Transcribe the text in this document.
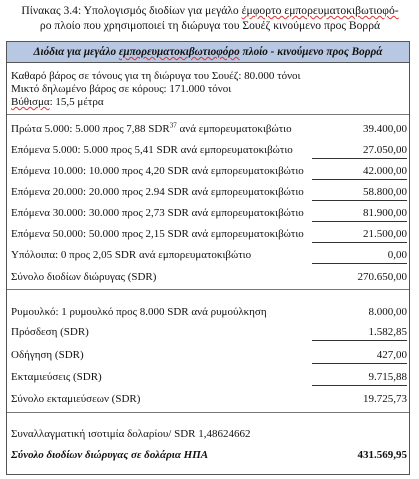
Πίνακας 3.4: Υπολογισμός διοδίων για μεγάλο έμφορτο εμπορευματοκιβωτιοφό-
ρο πλοίο που χρησιμοποιεί τη διώρυγα του Σουέζ κινούμενο προς Βορρά
Διόδια για μεγάλο εμπορευματοκιβωτιοφόρο πλοίο - κινούμενο προς Βορρά
Καθαρό βάρος σε τόνους για τη διώρυγα του Σουέζ: 80.000 τόνοι
Μικτό δηλωμένο βάρος σε κόρους: 171.000 τόνοι
Βύθισμα: 15,5 μέτρα
Πρώτα 5.000: 5.000 προς 7,88 SDR$^{37}$ ανά εμπορευματοκιβώτιο	39.400,00
Επόμενα 5.000: 5.000 προς 5,41 SDR ανά εμπορευματοκιβώτιο	27.050,00
Επόμενα 10.000: 10.000 προς 4,20 SDR ανά εμπορευματοκιβώτιο	42.000,00
Επόμενα 20.000: 20.000 προς 2.94 SDR ανά εμπορευματοκιβώτιο	58.800,00
Επόμενα 30.000: 30.000 προς 2,73 SDR ανά εμπορευματοκιβώτιο	81.900,00
Επόμενα 50.000: 50.000 προς 2,15 SDR ανά εμπορευματοκιβώτιο	21.500,00
Υπόλοιπα: 0 προς 2,05 SDR ανά εμπορευματοκιβώτιο	0,00
Σύνολο διοδίων διώρυγας (SDR)	270.650,00
Ρυμουλκό: 1 ρυμουλκό προς 8.000 SDR ανά ρυμούλκηση	8.000,00
Πρόσδεση (SDR)	1.582,85
Οδήγηση (SDR)	427,00
Εκταμιεύσεις (SDR)	9.715,88
Σύνολο εκταμιεύσεων (SDR)	19.725,73
Συναλλαγματική ισοτιμία δολαρίου/ SDR 1,48624662
Σύνολο διοδίων διώρυγας σε δολάρια ΗΠΑ	431.569,95
